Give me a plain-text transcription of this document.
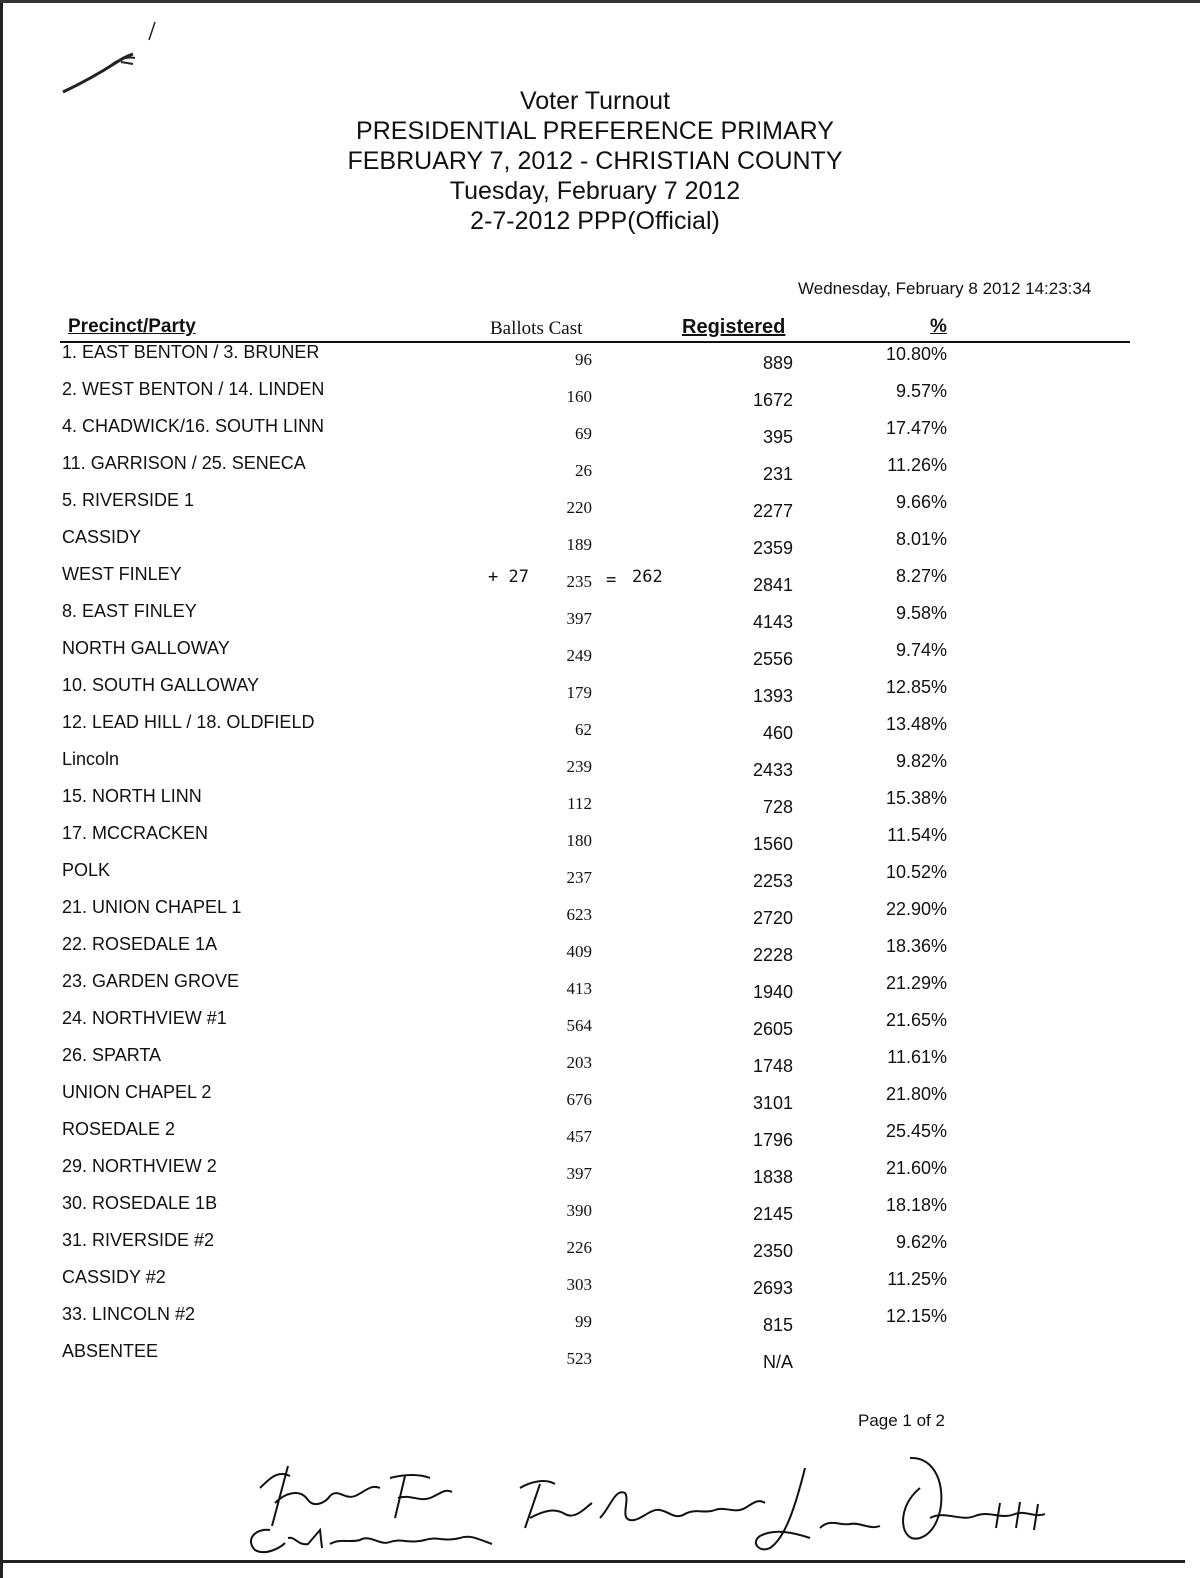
Voter Turnout
PRESIDENTIAL PREFERENCE PRIMARY
FEBRUARY 7, 2012 - CHRISTIAN COUNTY
Tuesday, February 7 2012
2-7-2012 PPP(Official)
Wednesday, February 8 2012 14:23:34
Precinct/Party	Ballots Cast	Registered	%
1. EAST BENTON / 3. BRUNER	96	889	10.80%
2. WEST BENTON / 14. LINDEN	160	1672	9.57%
4. CHADWICK/16. SOUTH LINN	69	395	17.47%
11. GARRISON / 25. SENECA	26	231	11.26%
5. RIVERSIDE 1	220	2277	9.66%
CASSIDY	189	2359	8.01%
WEST FINLEY	235	2841	8.27%
+ 27	= 262
8. EAST FINLEY	397	4143	9.58%
NORTH GALLOWAY	249	2556	9.74%
10. SOUTH GALLOWAY	179	1393	12.85%
12. LEAD HILL / 18. OLDFIELD	62	460	13.48%
Lincoln	239	2433	9.82%
15. NORTH LINN	112	728	15.38%
17. MCCRACKEN	180	1560	11.54%
POLK	237	2253	10.52%
21. UNION CHAPEL 1	623	2720	22.90%
22. ROSEDALE 1A	409	2228	18.36%
23. GARDEN GROVE	413	1940	21.29%
24. NORTHVIEW #1	564	2605	21.65%
26. SPARTA	203	1748	11.61%
UNION CHAPEL 2	676	3101	21.80%
ROSEDALE 2	457	1796	25.45%
29. NORTHVIEW 2	397	1838	21.60%
30. ROSEDALE 1B	390	2145	18.18%
31. RIVERSIDE #2	226	2350	9.62%
CASSIDY #2	303	2693	11.25%
33. LINCOLN #2	99	815	12.15%
ABSENTEE	523	N/A
Page 1 of 2
